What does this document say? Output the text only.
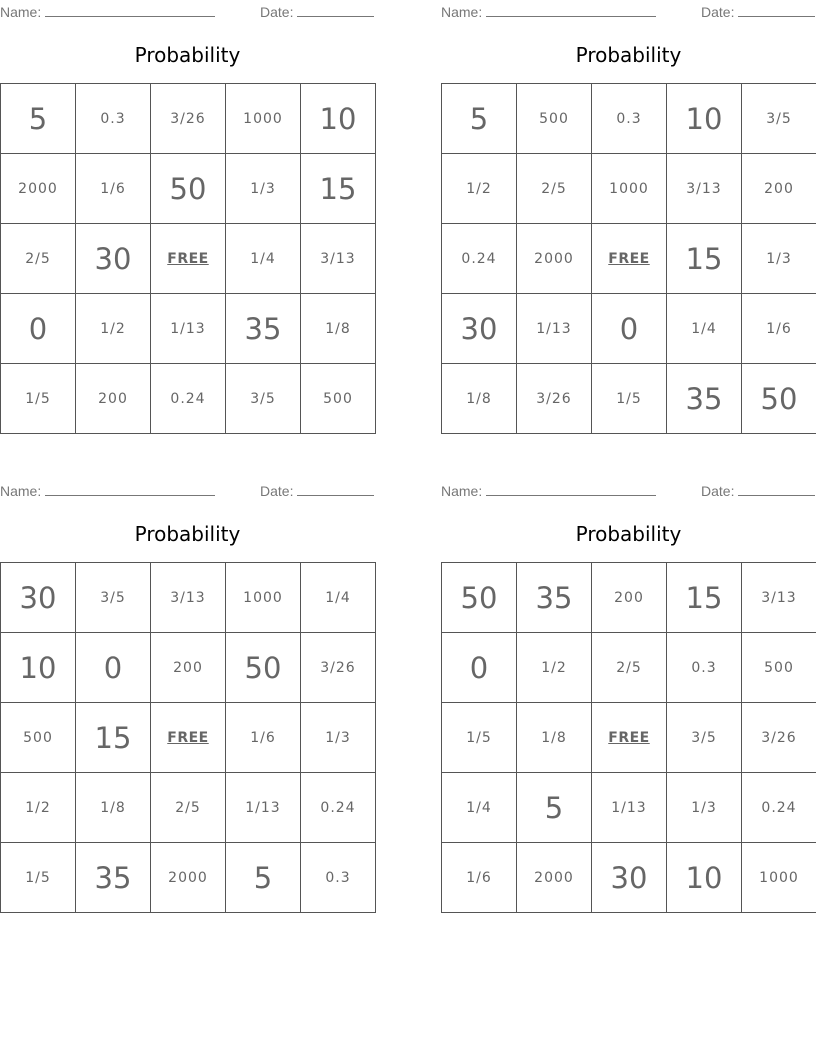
Name:	Date:
Probability
5	0.3	3/26	1000	10
2000	1/6	50	1/3	15
2/5	30	FREE	1/4	3/13
0	1/2	1/13	35	1/8
1/5	200	0.24	3/5	500
Name:	Date:
Probability
5	500	0.3	10	3/5
1/2	2/5	1000	3/13	200
0.24	2000	FREE	15	1/3
30	1/13	0	1/4	1/6
1/8	3/26	1/5	35	50
Name:	Date:
Probability
30	3/5	3/13	1000	1/4
10	0	200	50	3/26
500	15	FREE	1/6	1/3
1/2	1/8	2/5	1/13	0.24
1/5	35	2000	5	0.3
Name:	Date:
Probability
50	35	200	15	3/13
0	1/2	2/5	0.3	500
1/5	1/8	FREE	3/5	3/26
1/4	5	1/13	1/3	0.24
1/6	2000	30	10	1000
